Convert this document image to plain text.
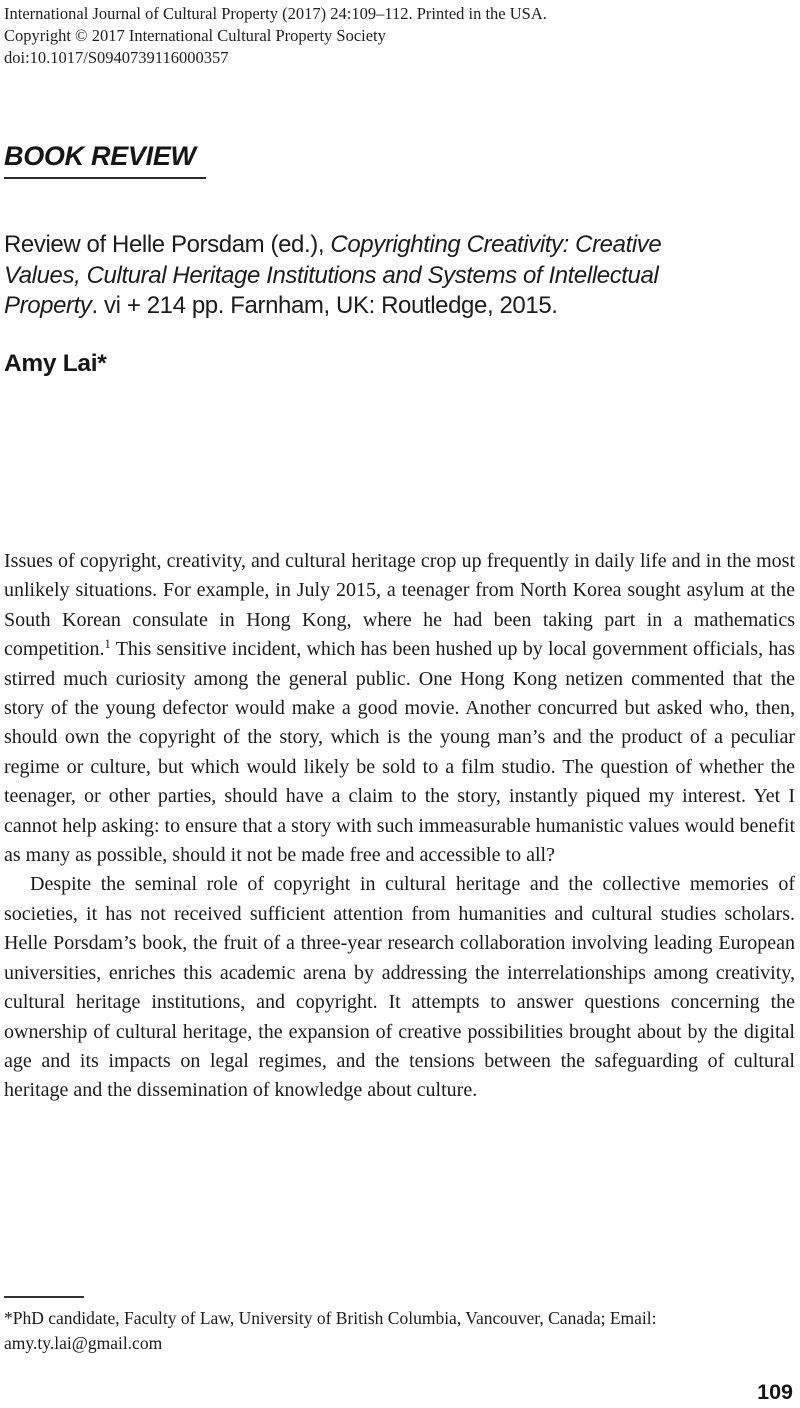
International Journal of Cultural Property (2017) 24:109–112. Printed in the USA.
Copyright © 2017 International Cultural Property Society
doi:10.1017/S0940739116000357
BOOK REVIEW
Review of Helle Porsdam (ed.), Copyrighting Creativity: Creative
Values, Cultural Heritage Institutions and Systems of Intellectual
Property. vi + 214 pp. Farnham, UK: Routledge, 2015.
Amy Lai*

Issues of copyright, creativity, and cultural heritage crop up frequently in daily life and in the most unlikely situations. For example, in July 2015, a teenager from North Korea sought asylum at the South Korean consulate in Hong Kong, where he had been taking part in a mathematics competition.$^1$ This sensitive incident, which has been hushed up by local government officials, has stirred much curiosity among the general public. One Hong Kong netizen commented that the story of the young defector would make a good movie. Another concurred but asked who, then, should own the copyright of the story, which is the young man’s and the product of a peculiar regime or culture, but which would likely be sold to a film studio. The question of whether the teenager, or other parties, should have a claim to the story, instantly piqued my interest. Yet I cannot help asking: to ensure that a story with such immeasurable humanistic values would benefit as many as possible, should it not be made free and accessible to all?

Despite the seminal role of copyright in cultural heritage and the collective memories of societies, it has not received sufficient attention from humanities and cultural studies scholars. Helle Porsdam’s book, the fruit of a three-year research collaboration involving leading European universities, enriches this academic arena by addressing the interrelationships among creativity, cultural heritage institutions, and copyright. It attempts to answer questions concerning the ownership of cultural heritage, the expansion of creative possibilities brought about by the digital age and its impacts on legal regimes, and the tensions between the safeguarding of cultural heritage and the dissemination of knowledge about culture.

*PhD candidate, Faculty of Law, University of British Columbia, Vancouver, Canada; Email: amy.ty.lai@gmail.com

109
